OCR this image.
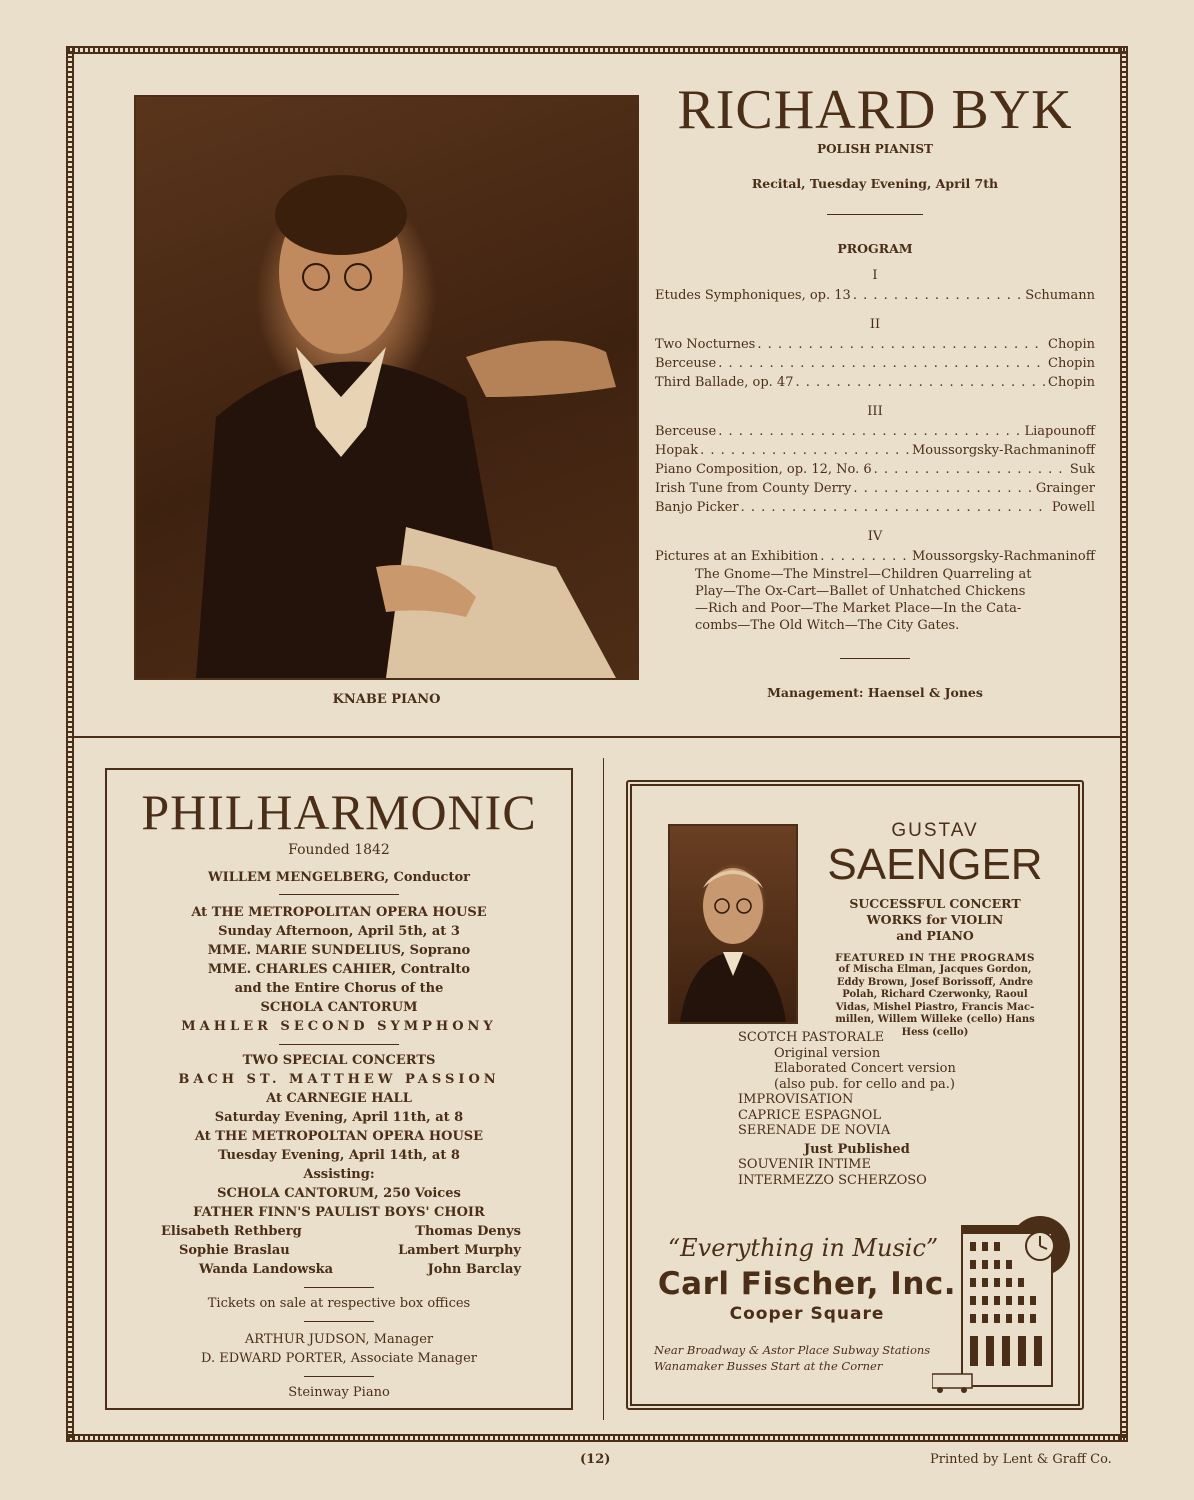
KNABE PIANO
RICHARD BYK
POLISH PIANIST
Recital, Tuesday Evening, April 7th
PROGRAM
I
Etudes Symphoniques, op. 13 . . .	Schumann
II
Two Nocturnes . . .	Chopin
Berceuse . . .	Chopin
Third Ballade, op. 47 . . .	Chopin
III
Berceuse . . .	Liapounoff
Hopak . . .	Moussorgsky-Rachmaninoff
Piano Composition, op. 12, No. 6 . . .	Suk
Irish Tune from County Derry . . .	Grainger
Banjo Picker . . .	Powell
IV
Pictures at an Exhibition . . .	Moussorgsky-Rachmaninoff
The Gnome—The Minstrel—Children Quarreling at
Play—The Ox-Cart—Ballet of Unhatched Chickens
—Rich and Poor—The Market Place—In the Cata-
combs—The Old Witch—The City Gates.
Management: Haensel & Jones

PHILHARMONIC

Founded 1842

WILLEM MENGELBERG, Conductor

At THE METROPOLITAN OPERA HOUSE

Sunday Afternoon, April 5th, at 3

MME. MARIE SUNDELIUS, Soprano

MME. CHARLES CAHIER, Contralto

and the Entire Chorus of the

SCHOLA CANTORUM

MAHLER SECOND SYMPHONY

TWO SPECIAL CONCERTS

BACH ST. MATTHEW PASSION

At CARNEGIE HALL

Saturday Evening, April 11th, at 8

At THE METROPOLTAN OPERA HOUSE

Tuesday Evening, April 14th, at 8

Assisting:

SCHOLA CANTORUM, 250 Voices

FATHER FINN'S PAULIST BOYS' CHOIR

Elisabeth Rethberg	Thomas Denys
Sophie Braslau	Lambert Murphy
Wanda Landowska	John Barclay

Tickets on sale at respective box offices

ARTHUR JUDSON, Manager

D. EDWARD PORTER, Associate Manager

Steinway Piano

GUSTAV

SAENGER

SUCCESSFUL CONCERT

WORKS for VIOLIN

and PIANO

FEATURED IN THE PROGRAMS

of Mischa Elman, Jacques Gordon,

Eddy Brown, Josef Borissoff, Andre

Polah, Richard Czerwonky, Raoul

Vidas, Mishel Piastro, Francis Mac-

millen, Willem Willeke (cello) Hans

Hess (cello)

SCOTCH PASTORALE

Original version

Elaborated Concert version

(also pub. for cello and pa.)

IMPROVISATION

CAPRICE ESPAGNOL

SERENADE DE NOVIA

Just Published

SOUVENIR INTIME

INTERMEZZO SCHERZOSO

“Everything in Music”
Carl Fischer, Inc.
Cooper Square
Near Broadway & Astor Place Subway Stations
Wanamaker Busses Start at the Corner
(12)	Printed by Lent & Graff Co.
